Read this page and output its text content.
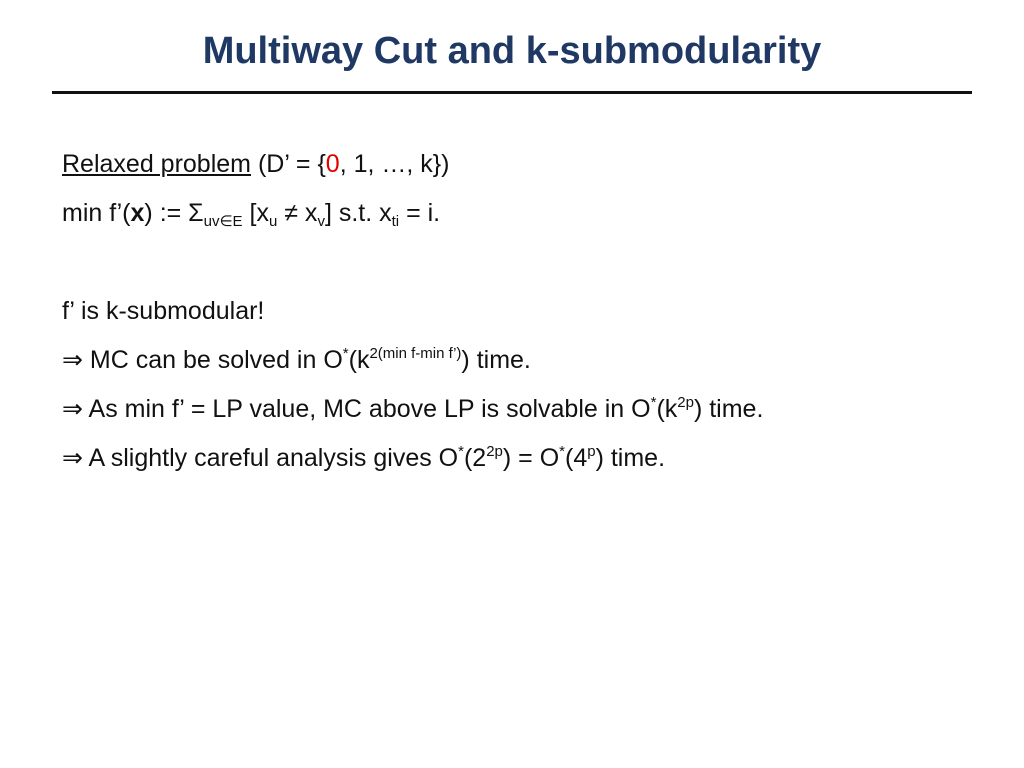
Multiway Cut and k-submodularity
Relaxed problem (D’ = {0, 1, …, k})
min f’(x) := $\Sigma_{uv\in E}$ $[x_u \ne x_v]$ s.t. $x_{ti} = i$.
f’ is k-submodular!
⇒ MC can be solved in $O^*(k^{2(min f-min f’)})$ time.
⇒ As min f’ = LP value, MC above LP is solvable in $O^*(k^{2p})$ time.
⇒ A slightly careful analysis gives $O^*(2^{2p}) = O^*(4^p)$ time.
